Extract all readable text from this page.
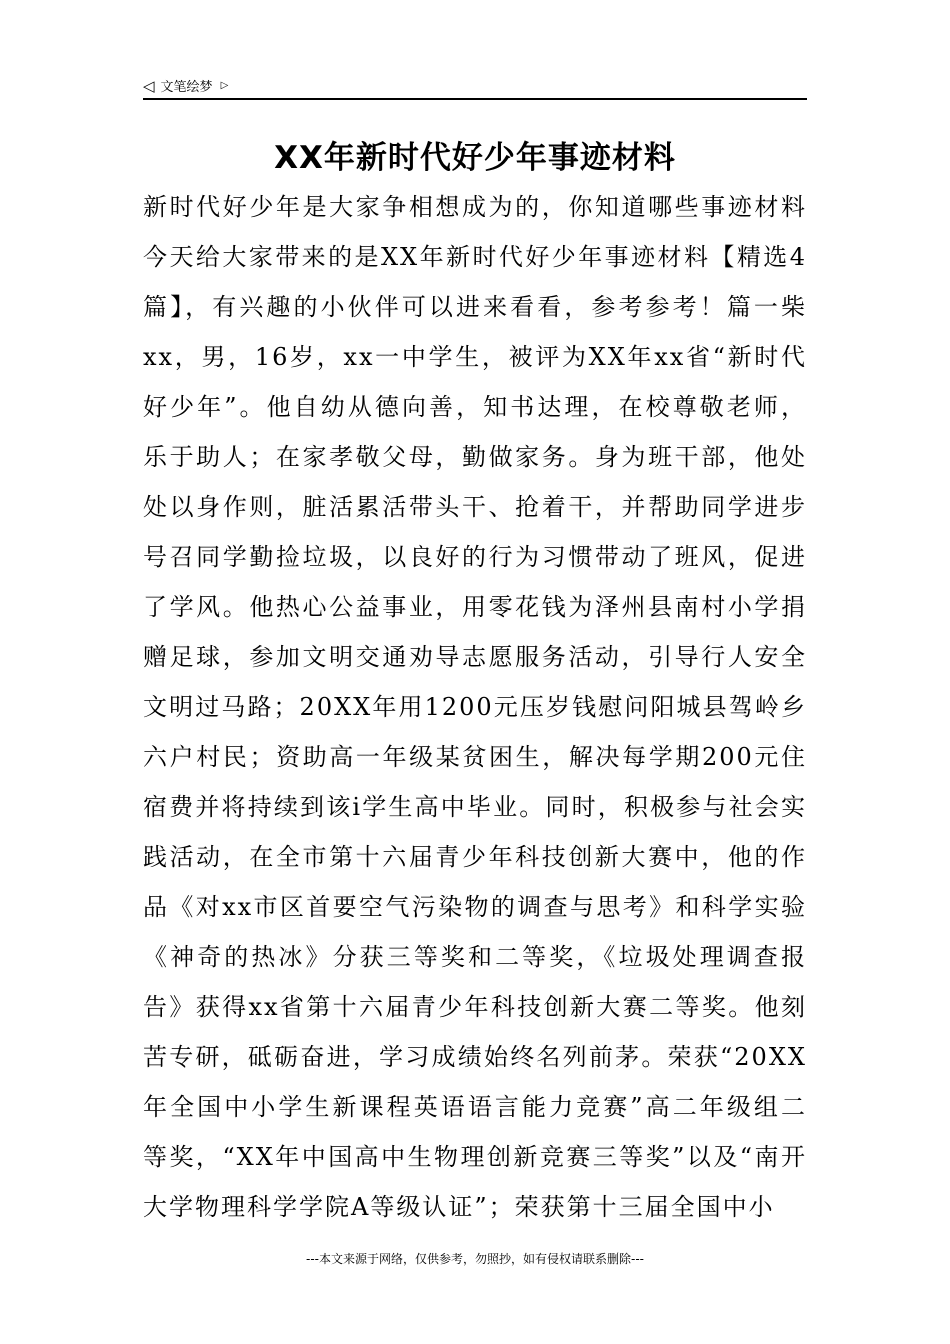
◁ 文笔绘梦 ▷
XX年新时代好少年事迹材料

新时代好少年是大家争相想成为的，你知道哪些事迹材料今天给大家带来的是XX年新时代好少年事迹材料【精选4篇】，有兴趣的小伙伴可以进来看看，参考参考！篇一柴xx，男，16岁，xx一中学生，被评为XX年xx省“新时代好少年”。他自幼从德向善，知书达理，在校尊敬老师，乐于助人；在家孝敬父母，勤做家务。身为班干部，他处处以身作则，脏活累活带头干、抢着干，并帮助同学进步号召同学勤捡垃圾，以良好的行为习惯带动了班风，促进了学风。他热心公益事业，用零花钱为泽州县南村小学捐赠足球，参加文明交通劝导志愿服务活动，引导行人安全文明过马路；20XX年用1200元压岁钱慰问阳城县驾岭乡六户村民；资助高一年级某贫困生，解决每学期200元住宿费并将持续到该i学生高中毕业。同时，积极参与社会实践活动，在全市第十六届青少年科技创新大赛中，他的作品《对xx市区首要空气污染物的调查与思考》和科学实验《神奇的热冰》分获三等奖和二等奖，《垃圾处理调查报告》获得xx省第十六届青少年科技创新大赛二等奖。他刻苦专研，砥砺奋进，学习成绩始终名列前茅。荣获“20XX年全国中小学生新课程英语语言能力竞赛”高二年级组二等奖，“XX年中国高中生物理创新竞赛三等奖”以及“南开大学物理科学学院A等级认证”；荣获第十三届全国中小

---本文来源于网络，仅供参考，勿照抄，如有侵权请联系删除---
